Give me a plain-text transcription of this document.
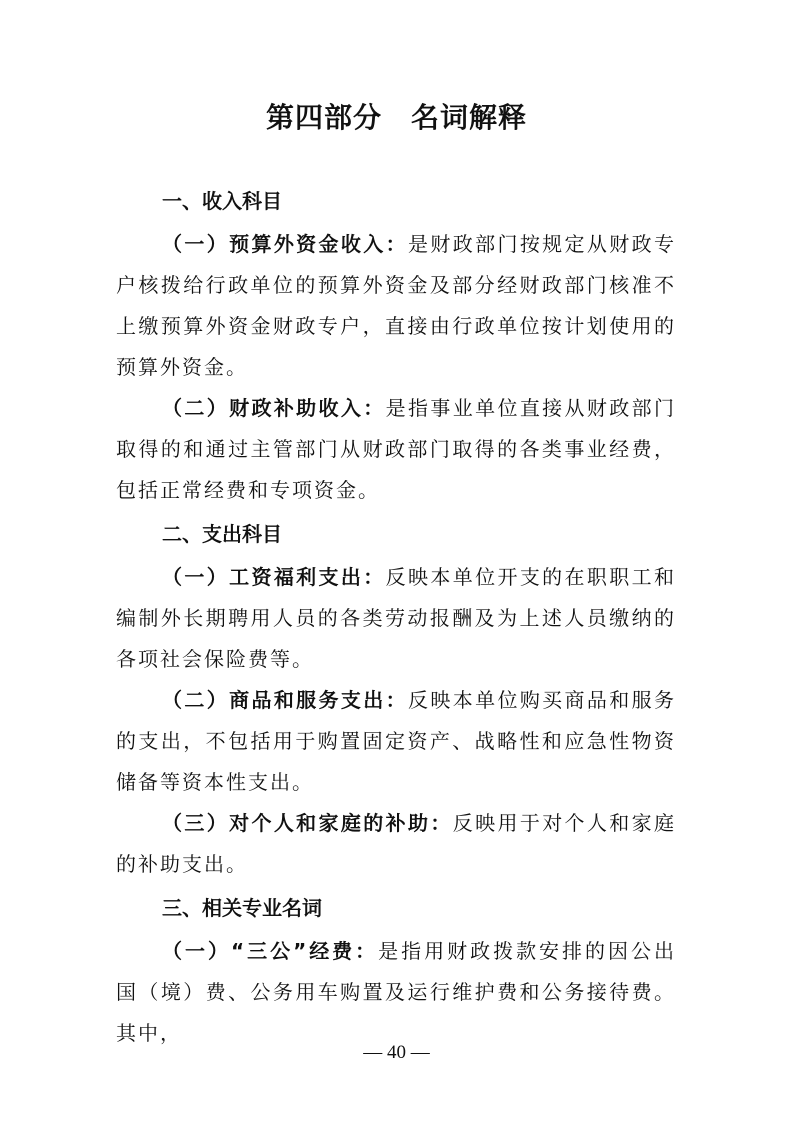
第四部分　名词解释
一、收入科目

（一）预算外资金收入：是财政部门按规定从财政专户核拨给行政单位的预算外资金及部分经财政部门核准不上缴预算外资金财政专户，直接由行政单位按计划使用的预算外资金。

（二）财政补助收入：是指事业单位直接从财政部门取得的和通过主管部门从财政部门取得的各类事业经费，包括正常经费和专项资金。

二、支出科目

（一）工资福利支出：反映本单位开支的在职职工和编制外长期聘用人员的各类劳动报酬及为上述人员缴纳的各项社会保险费等。

（二）商品和服务支出：反映本单位购买商品和服务的支出，不包括用于购置固定资产、战略性和应急性物资储备等资本性支出。

（三）对个人和家庭的补助：反映用于对个人和家庭的补助支出。

三、相关专业名词

（一）“三公”经费：是指用财政拨款安排的因公出国（境）费、公务用车购置及运行维护费和公务接待费。其中，

— 40 —
